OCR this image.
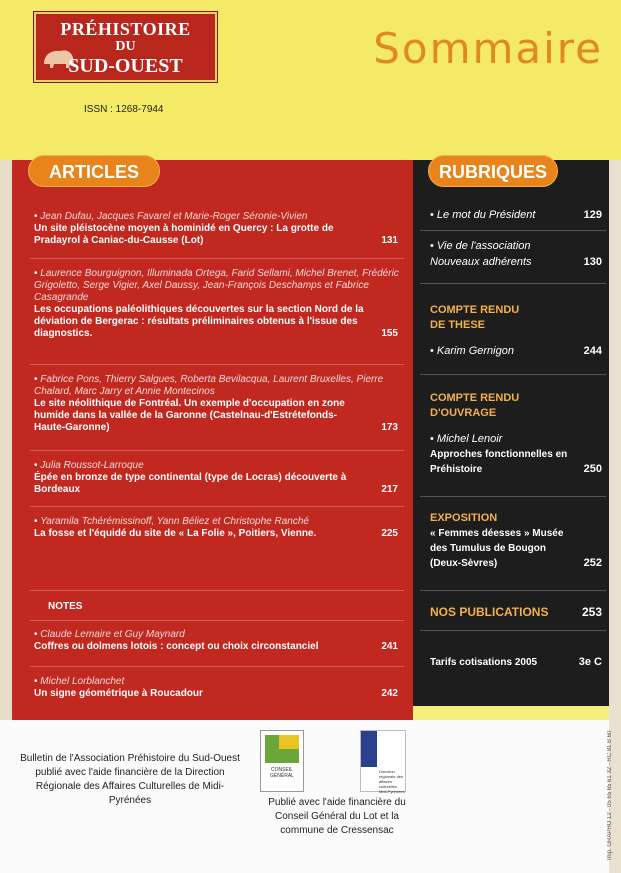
PRÉHISTOIRE
DU
SUD-OUEST
ISSN : 1268-7944
Sommaire
ARTICLES	RUBRIQUES
• Jean Dufau, Jacques Favarel et Marie-Roger Séronie-Vivien
Un site pléistocène moyen à hominidé en Quercy : La grotte de Pradayrol à Caniac-du-Causse (Lot)	131
• Laurence Bourguignon, Illuminada Ortega, Farid Sellami, Michel Brenet, Frédéric Grigoletto, Serge Vigier, Axel Daussy, Jean-François Deschamps et Fabrice Casagrande
Les occupations paléolithiques découvertes sur la section Nord de la déviation de Bergerac : résultats préliminaires obtenus à l'issue des diagnostics.	155
• Fabrice Pons, Thierry Salgues, Roberta Bevilacqua, Laurent Bruxelles, Pierre Chalard, Marc Jarry et Annie Montecinos
Le site néolithique de Fontréal. Un exemple d'occupation en zone humide dans la vallée de la Garonne (Castelnau-d'Estrétefonds-Haute-Garonne)	173
• Julia Roussot-Larroque
Épée en bronze de type continental (type de Locras) découverte à Bordeaux	217
• Yaramila Tchérémissinoff, Yann Béliez et Christophe Ranché
La fosse et l'équidé du site de « La Folie », Poitiers, Vienne.	225
NOTES
• Claude Lemaire et Guy Maynard
Coffres ou dolmens lotois : concept ou choix circonstanciel	241
• Michel Lorblanchet
Un signe géométrique à Roucadour	242
• Le mot du Président	129
• Vie de l'association Nouveaux adhérents	130
COMPTE RENDU DE THESE
• Karim Gernigon	244
COMPTE RENDU D'OUVRAGE
• Michel Lenoir
Approches fonctionnelles en Préhistoire	250
EXPOSITION
« Femmes déesses » Musée des Tumulus de Bougon (Deux-Sèvres)	252
NOS PUBLICATIONS	253
Tarifs cotisations 2005	3e C
Bulletin de l'Association Préhistoire du Sud-Ouest publié avec l'aide financière de la Direction Régionale des Affaires Culturelles de Midi-Pyrénées
CONSEIL GÉNÉRAL
Direction régionale des affaires culturelles Midi-Pyrénées
Publié avec l'aide financière du Conseil Général du Lot et la commune de Cressensac	Imp. GRAPHO 12 - 05 65 65 61 32 - RC 81 B 60
